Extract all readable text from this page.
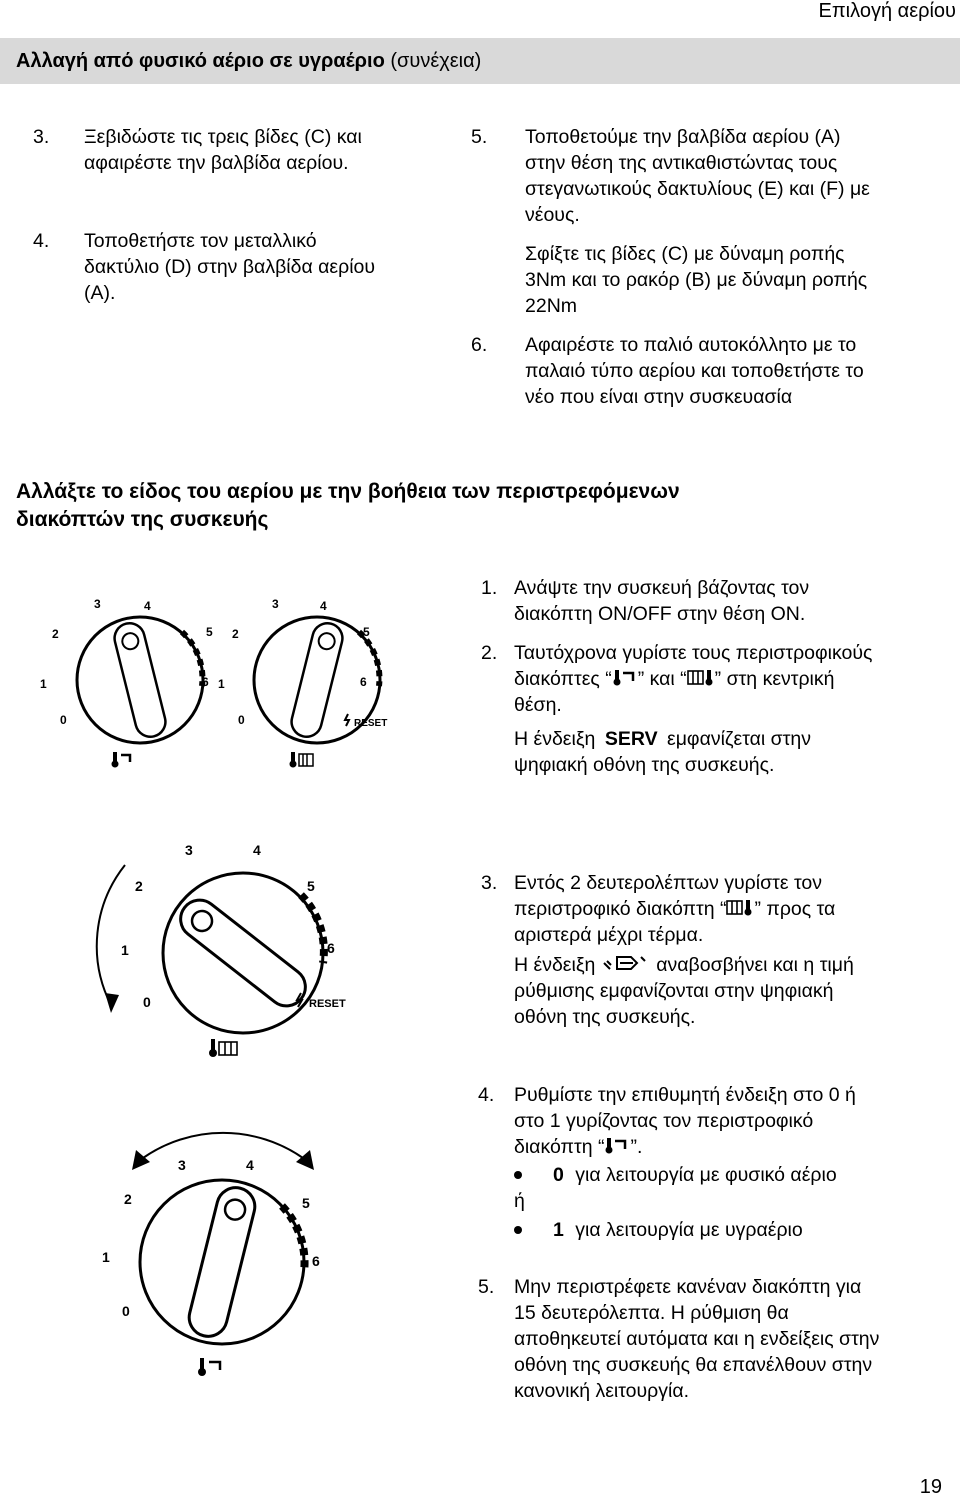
Επιλογή αερίου
Αλλαγή από φυσικό αέριο σε υγραέριο (συνέχεια)
3. Ξεβιδώστε τις τρεις βίδες (C) και
αφαιρέστε την βαλβίδα αερίου.
4. Τοποθετήστε τον μεταλλικό
δακτύλιο (D) στην βαλβίδα αερίου
(A).
5. Τοποθετούμε την βαλβίδα αερίου (A)
στην θέση της αντικαθιστώντας τους
στεγανωτικούς δακτυλίους (E) και (F) με
νέους.
Σφίξτε τις βίδες (C) με δύναμη ροπής
3Nm και το ρακόρ (B) με δύναμη ροπής
22Nm
6. Αφαιρέστε το παλιό αυτοκόλλητο με το
παλαιό τύπο αερίου και τοποθετήστε το
νέο που είναι στην συσκευασία
Αλλάξτε το είδος του αερίου με την βοήθεια των περιστρεφόμενων
διακόπτών της συσκευής
0
1
2
3	4
5
6
0
1
2
3	4
5
6
RESET
1. Ανάψτε την συσκευή βάζοντας τον
διακόπτη ON/OFF στην θέση ON.
2. Ταυτόχρονα γυρίστε τους περιστροφικούς
διακόπτες “ ” και “ ” στη κεντρική
θέση.
Η ένδειξη SERV εμφανίζεται στην
ψηφιακή οθόνη της συσκευής.
0
1
2
3	4
5
6
RESET
3. Εντός 2 δευτερολέπτων γυρίστε τον
περιστροφικό διακόπτη “ ” προς τα
αριστερά μέχρι τέρμα.
Η ένδειξη	αναβοσβήνει και η τιμή
ρύθμισης εμφανίζονται στην ψηφιακή
οθόνη της συσκευής.
0
1
2
3	4
5
6
4. Ρυθμίστε την επιθυμητή ένδειξη στο 0 ή
στο 1 γυρίζοντας τον περιστροφικό
διακόπτη “ ”.
0 για λειτουργία με φυσικό αέριο
ή
1 για λειτουργία με υγραέριο
5. Μην περιστρέφετε κανέναν διακόπτη για
15 δευτερόλεπτα. Η ρύθμιση θα
αποθηκευτεί αυτόματα και η ενδείξεις στην
οθόνη της συσκευής θα επανέλθουν στην
κανονική λειτουργία.
19
